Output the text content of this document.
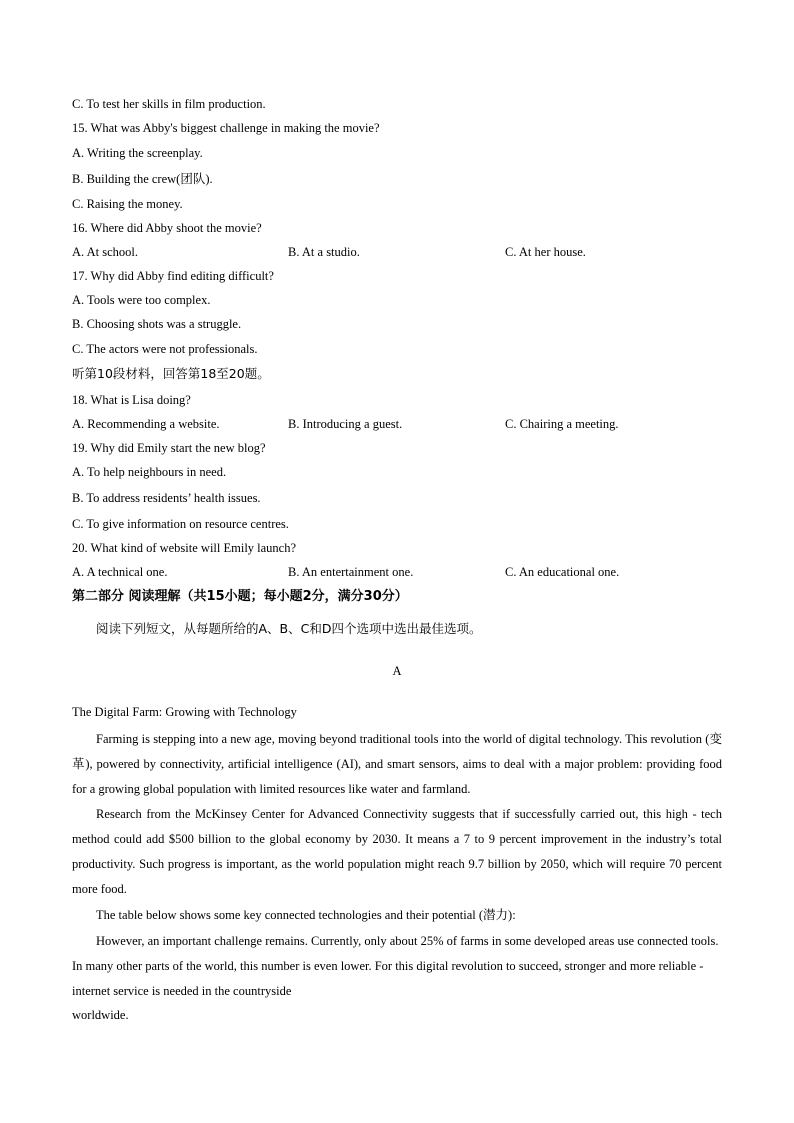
C. To test her skills in film production.
15. What was Abby's biggest challenge in making the movie?
A. Writing the screenplay.
B. Building the crew(团队).
C. Raising the money.
16. Where did Abby shoot the movie?
A. At school.	B. At a studio.	C. At her house.
17. Why did Abby find editing difficult?
A. Tools were too complex.
B. Choosing shots was a struggle.
C. The actors were not professionals.
听第10段材料，回答第18至20题。
18. What is Lisa doing?
A. Recommending a website.	B. Introducing a guest.	C. Chairing a meeting.
19. Why did Emily start the new blog?
A. To help neighbours in need.
B. To address residents’ health issues.
C. To give information on resource centres.
20. What kind of website will Emily launch?
A. A technical one.	B. An entertainment one.	C. An educational one.
第二部分 阅读理解（共15小题；每小题2分，满分30分）
阅读下列短文，从每题所给的A、B、C和D四个选项中选出最佳选项。
A
The Digital Farm: Growing with Technology
Farming is stepping into a new age, moving beyond traditional tools into the world of digital technology. This revolution (变革), powered by connectivity, artificial intelligence (AI), and smart sensors, aims to deal with a major problem: providing food for a growing global population with limited resources like water and farmland.
Research from the McKinsey Center for Advanced Connectivity suggests that if successfully carried out, this high - tech method could add $500 billion to the global economy by 2030. It means a 7 to 9 percent improvement in the industry’s total productivity. Such progress is important, as the world population might reach 9.7 billion by 2050, which will require 70 percent more food.
The table below shows some key connected technologies and their potential (潜力):
However, an important challenge remains. Currently, only about 25% of farms in some developed areas use connected tools. In many other parts of the world, this number is even lower. For this digital revolution to succeed, stronger and more reliable - internet service is needed in the countryside
worldwide.
